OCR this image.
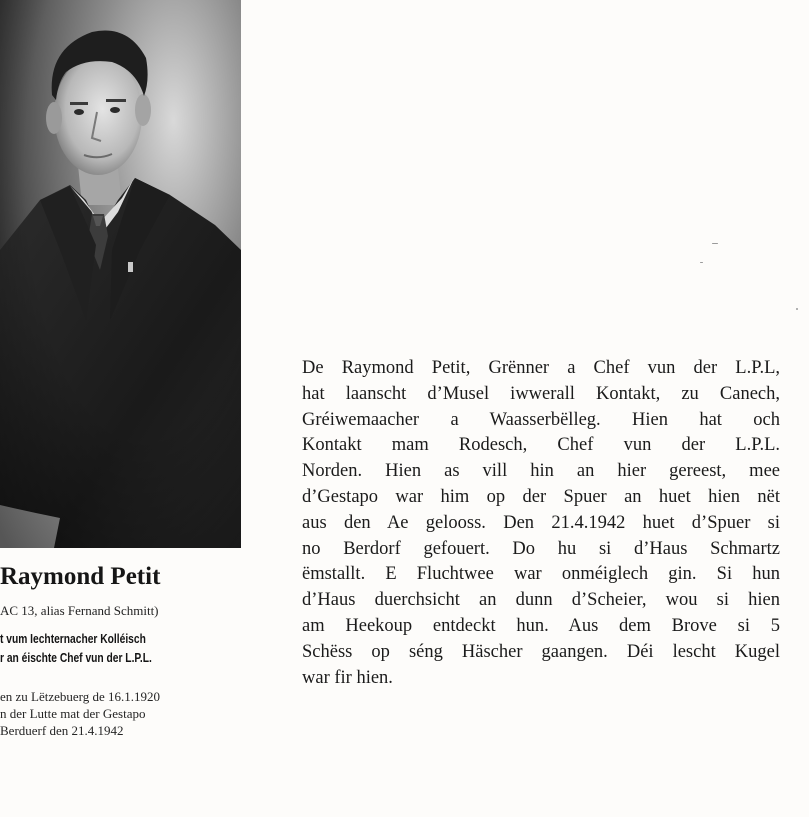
Raymond Petit
AC 13, alias Fernand Schmitt)
t vum Iechternacher Kolléisch
r an éischte Chef vun der L.P.L.
en zu Lëtzebuerg de 16.1.1920
n der Lutte mat der Gestapo
Berduerf den 21.4.1942
De Raymond Petit, Grënner a Chef vun der L.P.L,
hat laanscht d’Musel iwwerall Kontakt, zu Canech,
Gréiwemaacher a Waasserbëlleg. Hien hat och
Kontakt mam Rodesch, Chef vun der L.P.L.
Norden. Hien as vill hin an hier gereest, mee
d’Gestapo war him op der Spuer an huet hien nët
aus den Ae gelooss. Den 21.4.1942 huet d’Spuer si
no Berdorf gefouert. Do hu si d’Haus Schmartz
ëmstallt. E Fluchtwee war onméiglech gin. Si hun
d’Haus duerchsicht an dunn d’Scheier, wou si hien
am Heekoup entdeckt hun. Aus dem Brove si 5
Schëss op séng Häscher gaangen. Déi lescht Kugel
war fir hien.
